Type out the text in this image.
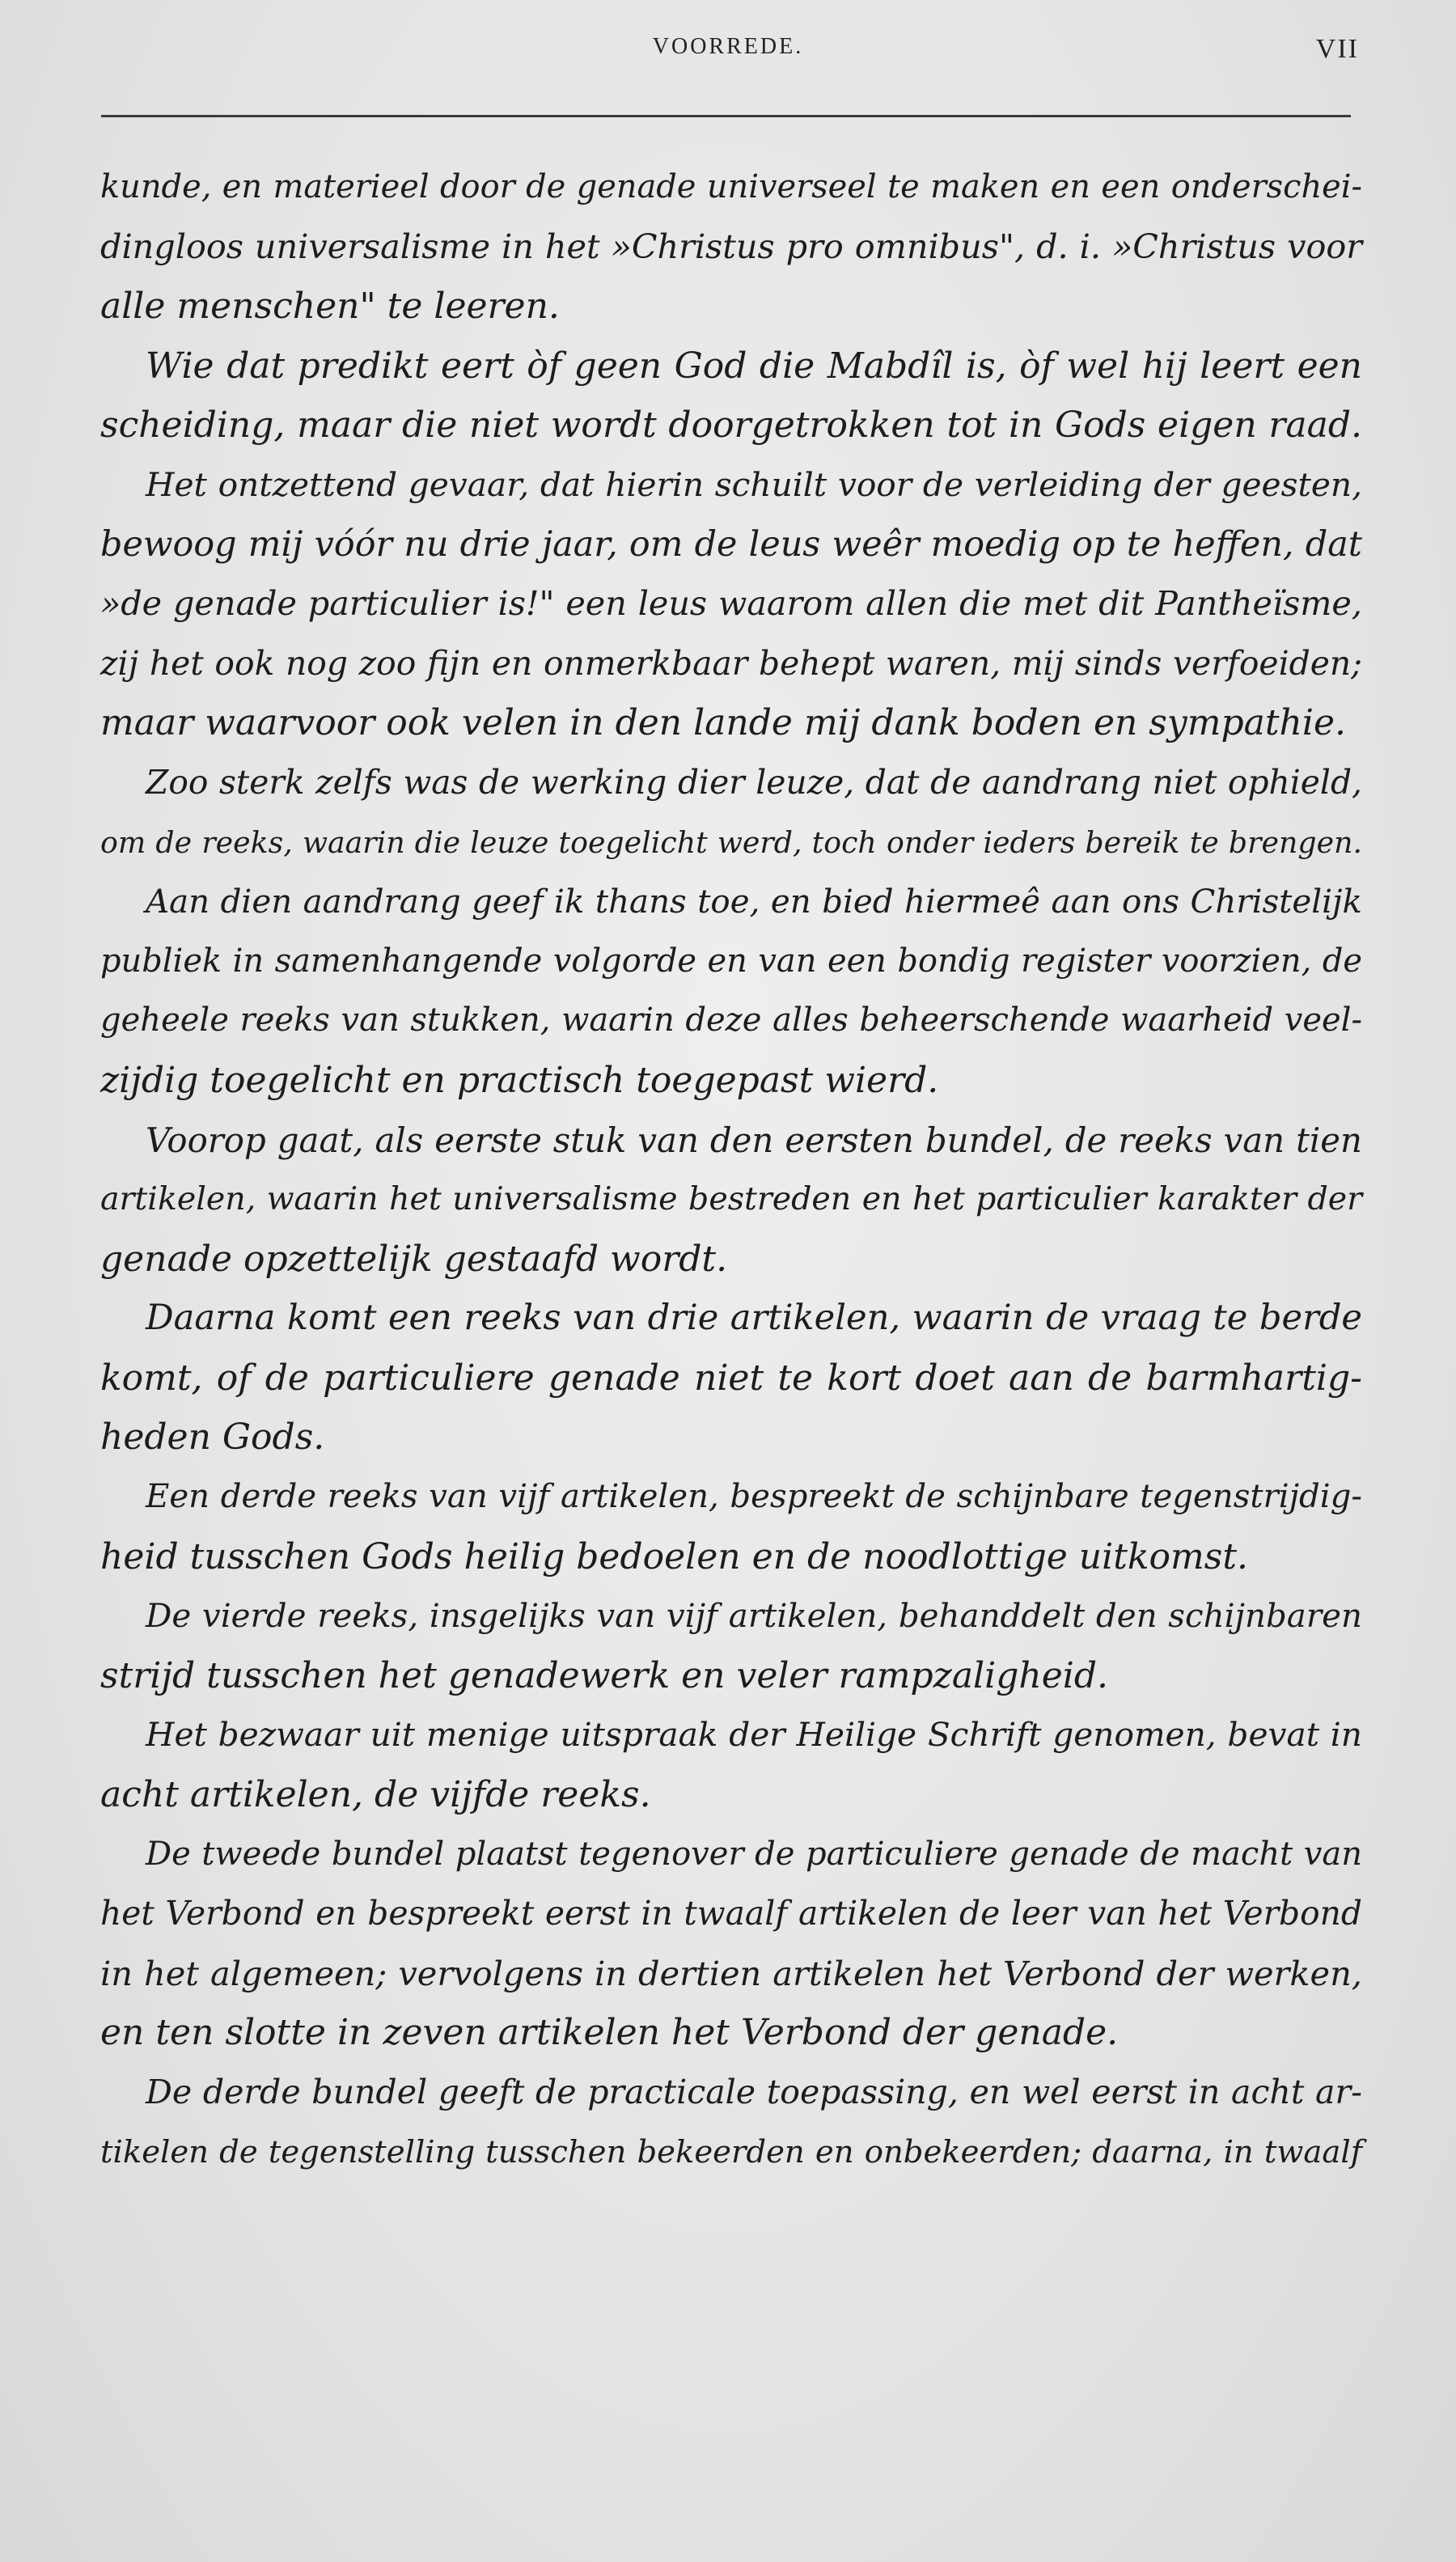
VOORREDE.	VII
kunde, en materieel door de genade universeel te maken en een onderschei-
dingloos universalisme in het »Christus pro omnibus", d. i. »Christus voor
alle menschen" te leeren.
Wie dat predikt eert òf geen God die Mabdîl is, òf wel hij leert een
scheiding, maar die niet wordt doorgetrokken tot in Gods eigen raad.
Het ontzettend gevaar, dat hierin schuilt voor de verleiding der geesten,
bewoog mij vóór nu drie jaar, om de leus weêr moedig op te heffen, dat
»de genade particulier is!" een leus waarom allen die met dit Pantheïsme,
zij het ook nog zoo fijn en onmerkbaar behept waren, mij sinds verfoeiden;
maar waarvoor ook velen in den lande mij dank boden en sympathie.
Zoo sterk zelfs was de werking dier leuze, dat de aandrang niet ophield,
om de reeks, waarin die leuze toegelicht werd, toch onder ieders bereik te brengen.
Aan dien aandrang geef ik thans toe, en bied hiermeê aan ons Christelijk
publiek in samenhangende volgorde en van een bondig register voorzien, de
geheele reeks van stukken, waarin deze alles beheerschende waarheid veel-
zijdig toegelicht en practisch toegepast wierd.
Voorop gaat, als eerste stuk van den eersten bundel, de reeks van tien
artikelen, waarin het universalisme bestreden en het particulier karakter der
genade opzettelijk gestaafd wordt.
Daarna komt een reeks van drie artikelen, waarin de vraag te berde
komt, of de particuliere genade niet te kort doet aan de barmhartig-
heden Gods.
Een derde reeks van vijf artikelen, bespreekt de schijnbare tegenstrijdig-
heid tusschen Gods heilig bedoelen en de noodlottige uitkomst.
De vierde reeks, insgelijks van vijf artikelen, behanddelt den schijnbaren
strijd tusschen het genadewerk en veler rampzaligheid.
Het bezwaar uit menige uitspraak der Heilige Schrift genomen, bevat in
acht artikelen, de vijfde reeks.
De tweede bundel plaatst tegenover de particuliere genade de macht van
het Verbond en bespreekt eerst in twaalf artikelen de leer van het Verbond
in het algemeen; vervolgens in dertien artikelen het Verbond der werken,
en ten slotte in zeven artikelen het Verbond der genade.
De derde bundel geeft de practicale toepassing, en wel eerst in acht ar-
tikelen de tegenstelling tusschen bekeerden en onbekeerden; daarna, in twaalf
